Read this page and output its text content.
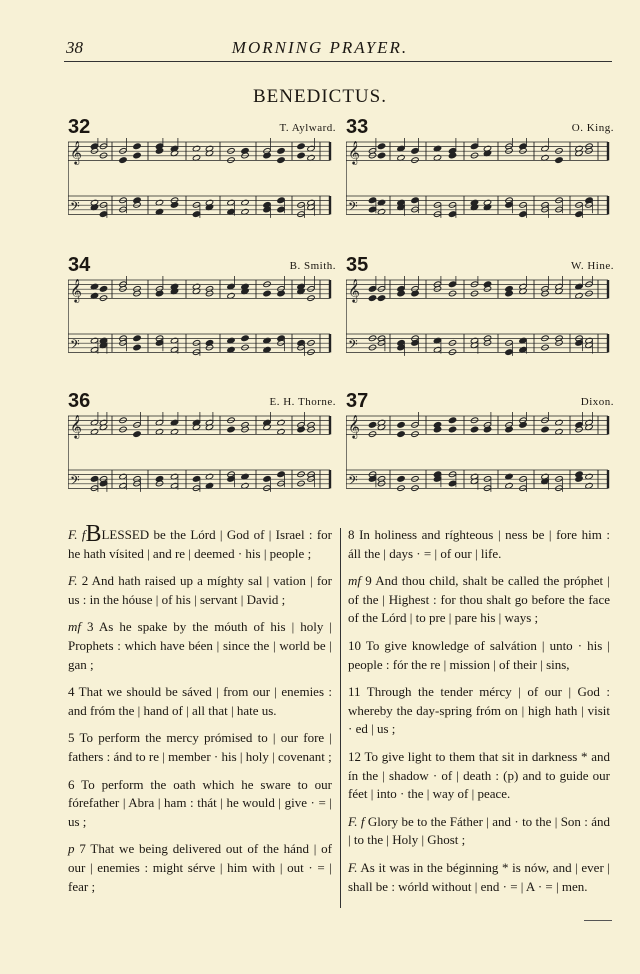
38	MORNING PRAYER.
BENEDICTUS.
32	T. Aylward.
𝄞
𝄢
33	O. King.
𝄞
𝄢
34	B. Smith.
𝄞
𝄢
35	W. Hine.
𝄞
𝄢
36	E. H. Thorne.
𝄞
𝄢
37	Dixon.
𝄞
𝄢

F. fBLESSED be the Lórd | God of | Israel : for he hath vísited | and re | deemed · his | people ;

F. 2 And hath raised up a míghty sal | vation | for us : in the hóuse | of his | servant | David ;

mf 3 As he spake by the móuth of his | holy | Prophets : which have béen | since the | world be | gan ;

4 That we should be sáved | from our | enemies : and fróm the | hand of | all that | hate us.

5 To perform the mercy prómised to | our fore | fathers : ánd to re | member · his | holy | covenant ;

6 To perform the oath which he sware to our fórefather | Abra | ham : thát | he would | give · = | us ;

p 7 That we being delivered out of the hánd | of our | enemies : might sérve | him with | out · = | fear ;

8 In holiness and ríghteous | ness be | fore him : áll the | days · = | of our | life.

mf 9 And thou child, shalt be called the próphet | of the | Highest : for thou shalt go before the face of the Lórd | to pre | pare his | ways ;

10 To give knowledge of salvátion | unto · his | people : fór the re | mission | of their | sins,

11 Through the tender mércy | of our | God : whereby the day-spring fróm on | high hath | visit · ed | us ;

12 To give light to them that sit in darkness * and ín the | shadow · of | death : (p) and to guide our féet | into · the | way of | peace.

F. f Glory be to the Fáther | and · to the | Son : ánd | to the | Holy | Ghost ;

F. As it was in the béginning * is nów, and | ever | shall be : wórld without | end · = | A · = | men.
